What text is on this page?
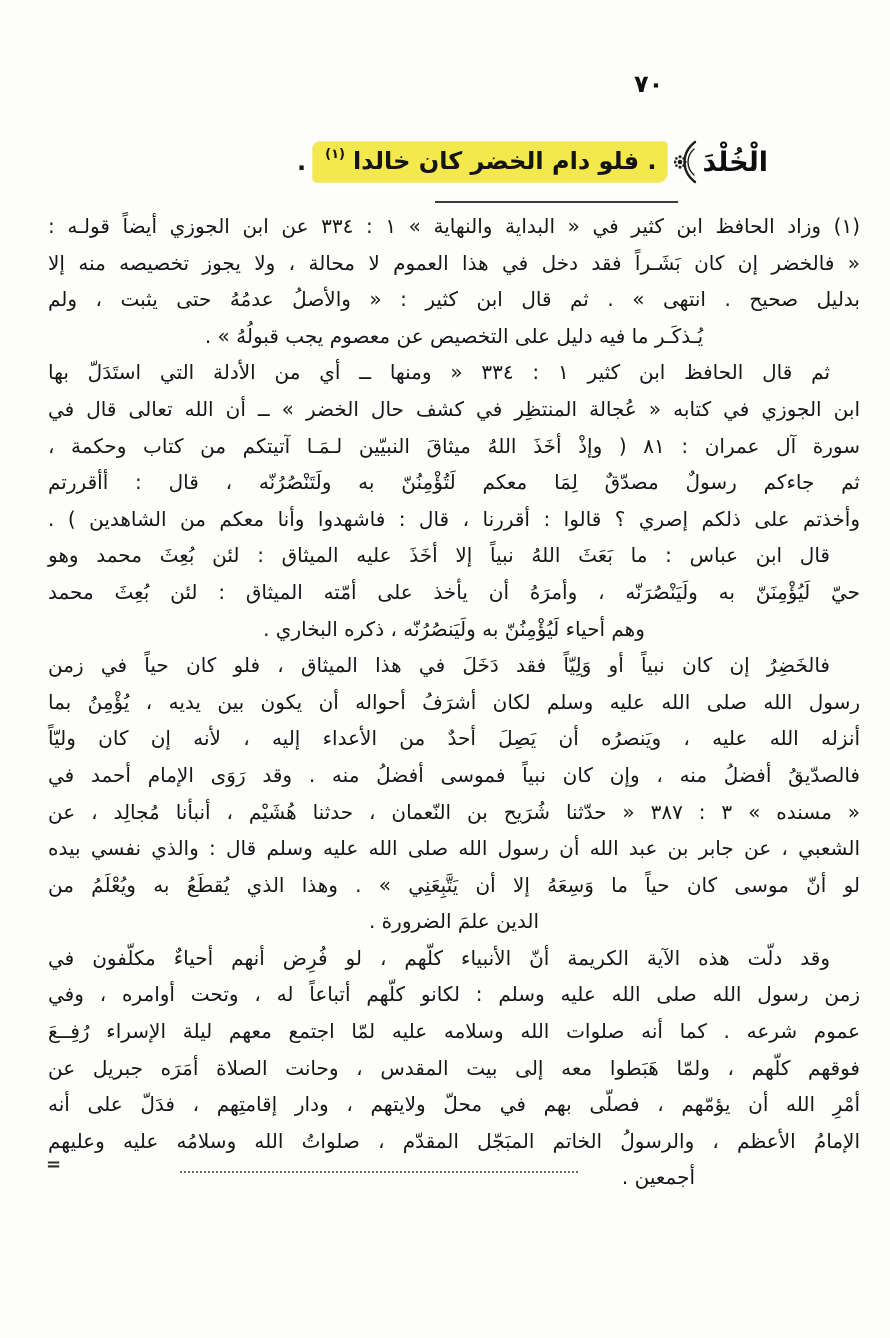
٧٠
الْخُلْدَ
. فلو دام الخضر كان خالدا$^{(١)}$
.
(١) وزاد الحافظ ابن كثير في « البداية والنهاية » ١ : ٣٣٤ عن ابن الجوزي أيضاً قولـه :
« فالخضر إن كان بَشَـراً فقد دخل في هذا العموم لا محالة ، ولا يجوز تخصيصه منه إلا
بدليل صحيح . انتهى » . ثم قال ابن كثير : « والأصلُ عدمُهُ حتى يثبت ، ولم
يُـذكَـر ما فيه دليل على التخصيص عن معصوم يجب قبولُهُ » .
ثم قال الحافظ ابن كثير ١ : ٣٣٤ « ومنها ــ أي من الأدلة التي استَدَلّ بها
ابن الجوزي في كتابه « عُجالة المنتظِر في كشف حال الخضر » ــ أن الله تعالى قال في
سورة آل عمران : ٨١ ( وإذْ أخَذَ اللهُ ميثاقَ النبيّين لـمَـا آتيتكم من كتاب وحكمة ،
ثم جاءكم رسولٌ مصدّقٌ لِمَا معكم لَتُؤْمِنُنّ به ولَتَنْصُرُنّه ، قال : أأقررتم
وأخذتم على ذلكم إصري ؟ قالوا : أقررنا ، قال : فاشهدوا وأنا معكم من الشاهدين ) .
قال ابن عباس : ما بَعَثَ اللهُ نبياً إلا أخَذَ عليه الميثاق : لئن بُعِثَ محمد وهو
حيّ لَيُؤْمِنَنّ به ولَيَنْصُرَنّه ، وأمرَهُ أن يأخذ على أمّته الميثاق : لئن بُعِثَ محمد
وهم أحياء لَيُؤْمِنُنّ به ولَيَنصُرُنّه ، ذكره البخاري .
فالخَضِرُ إن كان نبياً أو وَلِيّاً فقد دَخَلَ في هذا الميثاق ، فلو كان حياً في زمن
رسول الله صلى الله عليه وسلم لكان أشرَفُ أحواله أن يكون بين يديه ، يُؤْمِنُ بما
أنزله الله عليه ، ويَنصرُه أن يَصِلَ أحدٌ من الأعداء إليه ، لأنه إن كان وليّاً
فالصدّيقُ أفضلُ منه ، وإن كان نبياً فموسى أفضلُ منه . وقد رَوَى الإمام أحمد في
« مسنده » ٣ : ٣٨٧ « حدّثنا شُرَيح بن النّعمان ، حدثنا هُشَيْم ، أنبأنا مُجالِد ، عن
الشعبي ، عن جابر بن عبد الله أن رسول الله صلى الله عليه وسلم قال : والذي نفسي بيده
لو أنّ موسى كان حياً ما وَسِعَهُ إلا أن يَتَّبِعَنِي » . وهذا الذي يُقطَعُ به ويُعْلَمُ من
الدين علمَ الضرورة .
وقد دلّت هذه الآية الكريمة أنّ الأنبياء كلّهم ، لو فُرِض أنهم أحياءٌ مكلّفون في
زمن رسول الله صلى الله عليه وسلم : لكانو كلّهم أتباعاً له ، وتحت أوامره ، وفي
عموم شرعه . كما أنه صلوات الله وسلامه عليه لمّا اجتمع معهم ليلة الإسراء رُفِــعَ
فوقهم كلّهم ، ولمّا هَبَطوا معه إلى بيت المقدس ، وحانت الصلاة أمَرَه جبريل عن
أمْرِ الله أن يؤمّهم ، فصلّى بهم في محلّ ولايتهم ، ودار إقامتِهم ، فدَلّ على أنه
الإمامُ الأعظم ، والرسولُ الخاتم المبَجّل المقدّم ، صلواتُ الله وسلامُه عليه وعليهم
أجمعين .
=
